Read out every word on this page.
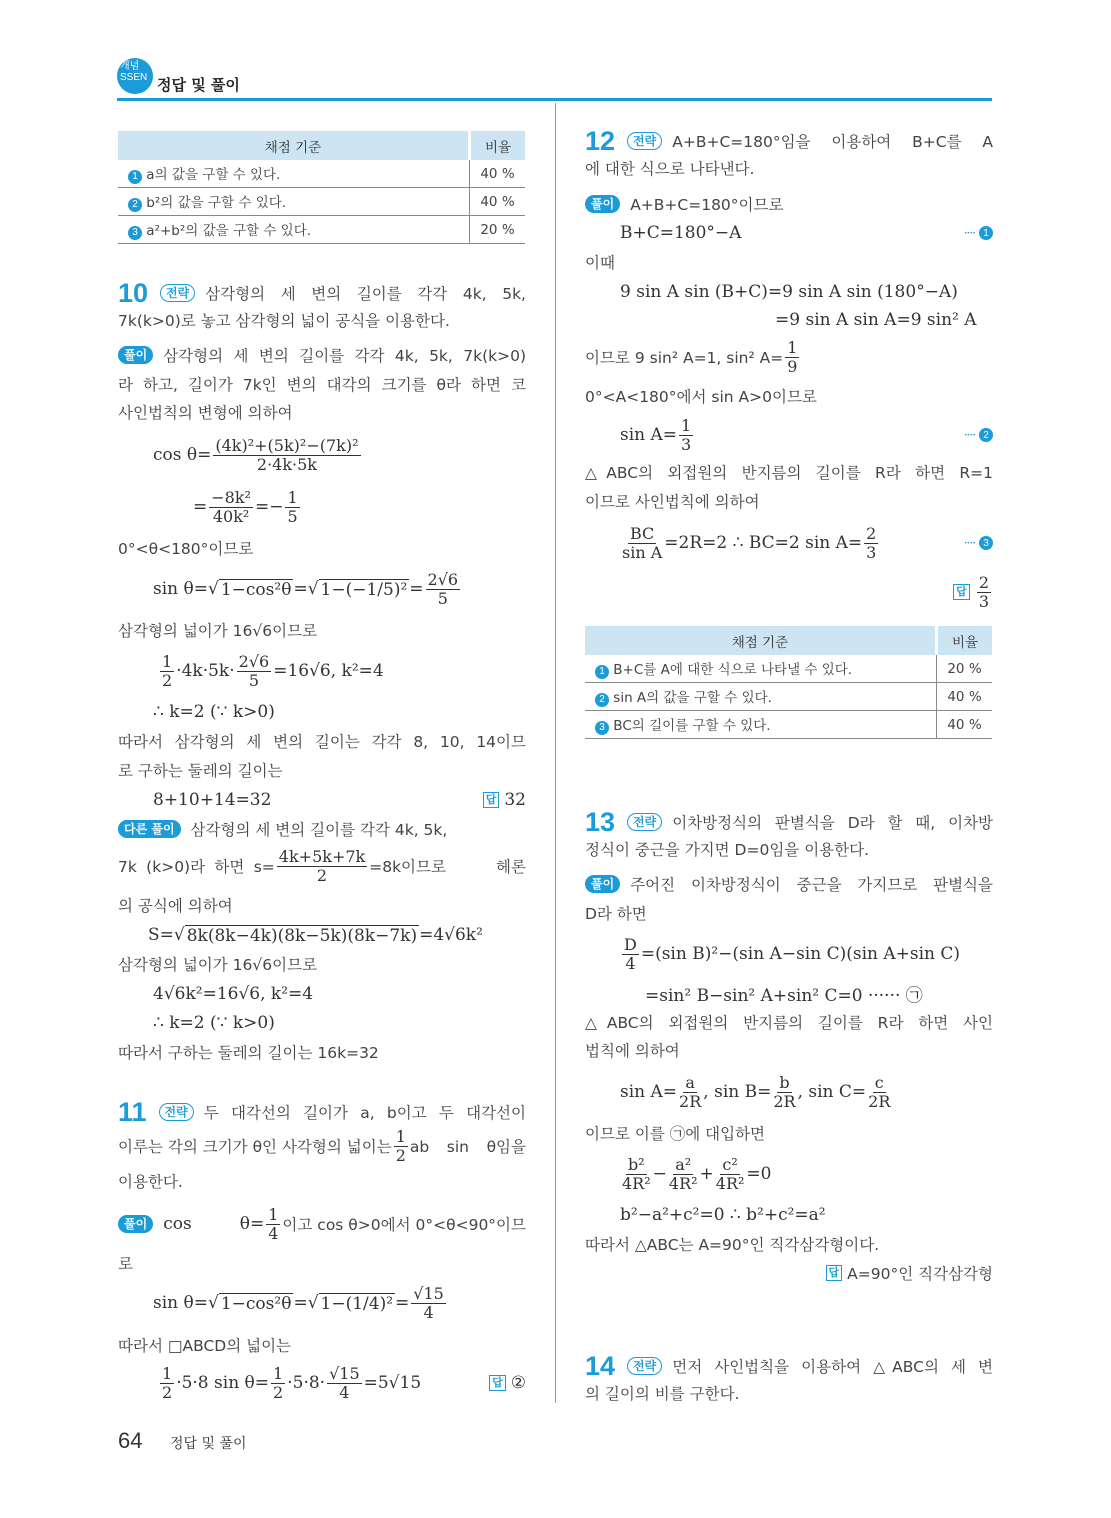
개념
SSEN 정답 및 풀이
채점 기준	비율
1 a의 값을 구할 수 있다.	40 %
2 b²의 값을 구할 수 있다.	40 %
3 a²+b²의 값을 구할 수 있다.	20 %
채점 기준	비율
1 B+C를 A에 대한 식으로 나타낼 수 있다.	20 %
2 sin A의 값을 구할 수 있다.	40 %
3 BC의 길이를 구할 수 있다.	40 %
10	전략	삼각형의 세 변의 길이를 각각 4k, 5k,
7k(k>0)로 놓고 삼각형의 넓이 공식을 이용한다.
풀이	삼각형의 세 변의 길이를 각각 4k, 5k, 7k(k>0)
라 하고, 길이가 7k인 변의 대각의 크기를 θ라 하면 코
사인법칙의 변형에 의하여
$\cos \theta= \frac{\text{(4k)²+(5k)²−(7k)²}}{2\cdot 4k\cdot 5k}$
= $\frac{\text{−8k²}}{\text{40k²}} =- \frac{1}{5}$
0°<θ<180°이므로
sin θ= √ 1−cos²θ = √ $1-(-1/5)^2 = \frac{2√6}{5}$
삼각형의 넓이가 16√6이므로
$\frac{1}{2} \cdot 4k\cdot 5k\cdot \frac{2√6}{5} =16√6$, k²=4
∴ k=2 (∵ k>0)
따라서 삼각형의 세 변의 길이는 각각 8, 10, 14이므
로 구하는 둘레의 길이는
8+10+14=32	답 32
다른 풀이	삼각형의 세 변의 길이를 각각 4k, 5k,
7k (k>0)라 하면 $s= \frac{4k+5k+7k}{2} =8k$이므로 헤론
의 공식에 의하여
S= √ 8k(8k−4k)(8k−5k)(8k−7k) =4√6k²
삼각형의 넓이가 16√6이므로
4√6k²=16√6, k²=4
∴ k=2 (∵ k>0)
따라서 구하는 둘레의 길이는 16k=32
11	전략	두 대각선의 길이가 a, b이고 두 대각선이
이루는 각의 크기가 θ인 사각형의 넓이는 $\frac{1}{2}$ ab sin θ임을
이용한다.
풀이 $\cos \theta= \frac{1}{4}$ 이고 cos θ>0에서 0°<θ<90°이므
로
sin θ= √ 1−cos²θ = √ $1-(1/4)^2 = \frac{√15}{4}$
따라서 □ABCD의 넓이는
$\frac{1}{2} \cdot 5\cdot 8$ $\sin \theta= \frac{1}{2} \cdot 5\cdot 8\cdot \frac{√15}{4} =5√15$	답 ②
12	전략	A+B+C=180°임을 이용하여 B+C를 A
에 대한 식으로 나타낸다.
풀이	A+B+C=180°이므로
B+C=180°−A	···· 1
이때
9 sin A sin (B+C)=9 sin A sin (180°−A)
=9 sin A sin A=9 sin² A
이므로 9 sin² A=1, sin² $A= \frac{1}{9}$
0°<A<180°에서 sin A>0이므로
$\sin A= \frac{1}{3}$	···· 2
△ABC의 외접원의 반지름의 길이를 R라 하면 R=1
이므로 사인법칙에 의하여
$\frac{BC}{\text{sin A}} =2R=2$ ∴ BC=2 $\sin A= \frac{2}{3}$	···· 3
답 $\frac{2}{3}$
13	전략	이차방정식의 판별식을 D라 할 때, 이차방
정식이 중근을 가지면 D=0임을 이용한다.
풀이	주어진 이차방정식이 중근을 가지므로 판별식을
D라 하면
$\frac{D}{4} =(\sin$ B)²−(sin A−sin C)(sin A+sin C)
=sin² B−sin² A+sin² C=0 ······ ㉠
△ABC의 외접원의 반지름의 길이를 R라 하면 사인
법칙에 의하여
$\sin A= \frac{a}{2R}$ , $\sin B= \frac{b}{2R}$ , $\sin C= \frac{c}{2R}$
이므로 이를 ㉠에 대입하면
$\frac{\text{b²}}{\text{4R²}} - \frac{\text{a²}}{\text{4R²}} + \frac{\text{c²}}{\text{4R²}} =0$
b²−a²+c²=0 ∴ b²+c²=a²
따라서 △ABC는 A=90°인 직각삼각형이다.
답 A=90°인 직각삼각형
14	전략	먼저 사인법칙을 이용하여 △ABC의 세 변
의 길이의 비를 구한다.
64 정답 및 풀이
